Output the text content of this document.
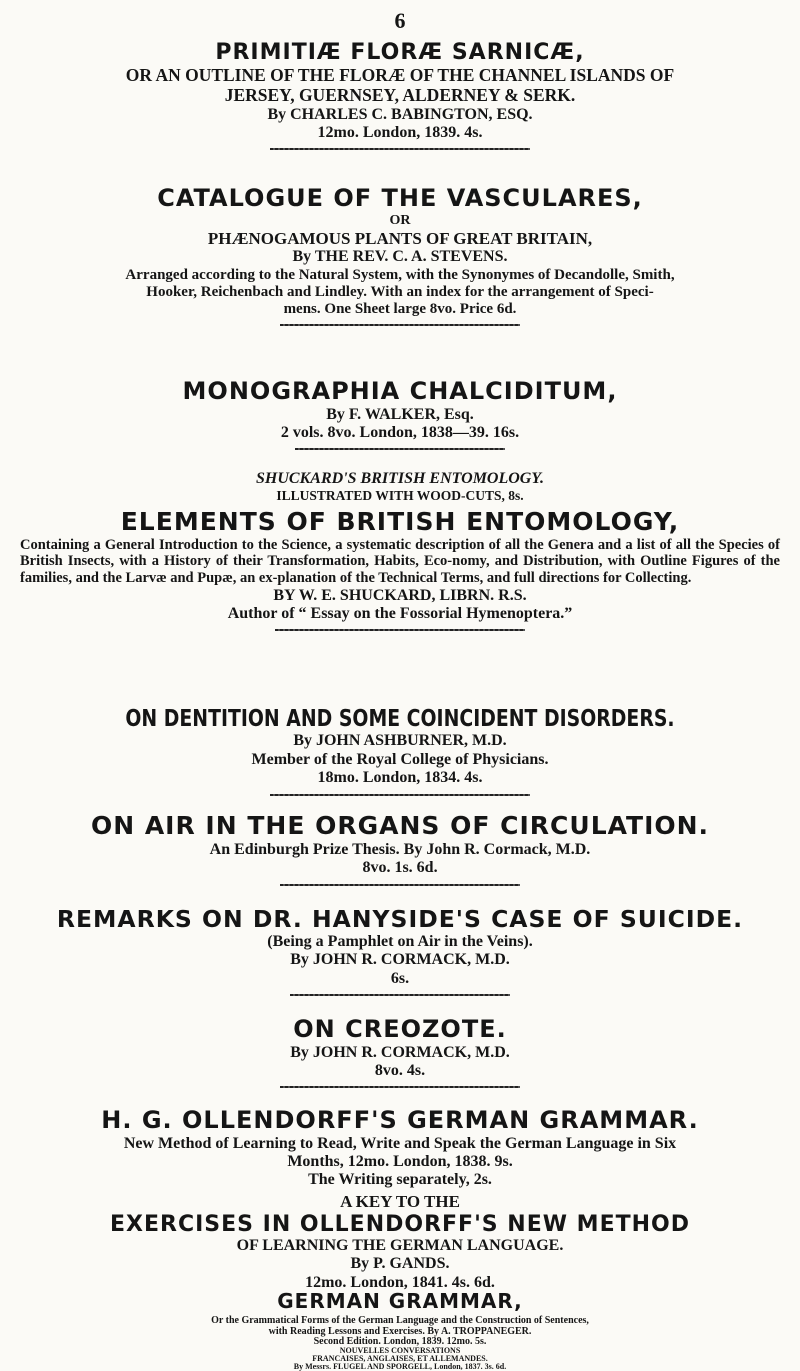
6
PRIMITIÆ FLORÆ SARNICÆ,
OR AN OUTLINE OF THE FLORÆ OF THE CHANNEL ISLANDS OF
JERSEY, GUERNSEY, ALDERNEY & SERK.
By CHARLES C. BABINGTON, ESQ.
12mo. London, 1839. 4s.
CATALOGUE OF THE VASCULARES,
OR
PHÆNOGAMOUS PLANTS OF GREAT BRITAIN,
By THE REV. C. A. STEVENS.
Arranged according to the Natural System, with the Synonymes of Decandolle, Smith,
Hooker, Reichenbach and Lindley. With an index for the arrangement of Speci-
mens. One Sheet large 8vo. Price 6d.
MONOGRAPHIA CHALCIDITUM,
By F. WALKER, Esq.
2 vols. 8vo. London, 1838—39. 16s.
SHUCKARD'S BRITISH ENTOMOLOGY.
ILLUSTRATED WITH WOOD-CUTS, 8s.
ELEMENTS OF BRITISH ENTOMOLOGY,
Containing a General Introduction to the Science, a systematic description of all the Genera and a list of all the Species of British Insects, with a History of their Transformation, Habits, Eco-nomy, and Distribution, with Outline Figures of the families, and the Larvæ and Pupæ, an ex-planation of the Technical Terms, and full directions for Collecting.
BY W. E. SHUCKARD, LIBRN. R.S.
Author of “ Essay on the Fossorial Hymenoptera.”
ON DENTITION AND SOME COINCIDENT DISORDERS.
By JOHN ASHBURNER, M.D.
Member of the Royal College of Physicians.
18mo. London, 1834. 4s.
ON AIR IN THE ORGANS OF CIRCULATION.
An Edinburgh Prize Thesis. By John R. Cormack, M.D.
8vo. 1s. 6d.
REMARKS ON DR. HANYSIDE'S CASE OF SUICIDE.
(Being a Pamphlet on Air in the Veins).
By JOHN R. CORMACK, M.D.
6s.
ON CREOZOTE.
By JOHN R. CORMACK, M.D.
8vo. 4s.
H. G. OLLENDORFF'S GERMAN GRAMMAR.
New Method of Learning to Read, Write and Speak the German Language in Six
Months, 12mo. London, 1838. 9s.
The Writing separately, 2s.
A KEY TO THE
EXERCISES IN OLLENDORFF'S NEW METHOD
OF LEARNING THE GERMAN LANGUAGE.
By P. GANDS.
12mo. London, 1841. 4s. 6d.
GERMAN GRAMMAR,
Or the Grammatical Forms of the German Language and the Construction of Sentences,
with Reading Lessons and Exercises. By A. TROPPANEGER.
Second Edition. London, 1839. 12mo. 5s.
NOUVELLES CONVERSATIONS
FRANCAISES, ANGLAISES, ET ALLEMANDES.
By Messrs. FLUGEL AND SPORGELL, London, 1837. 3s. 6d.
